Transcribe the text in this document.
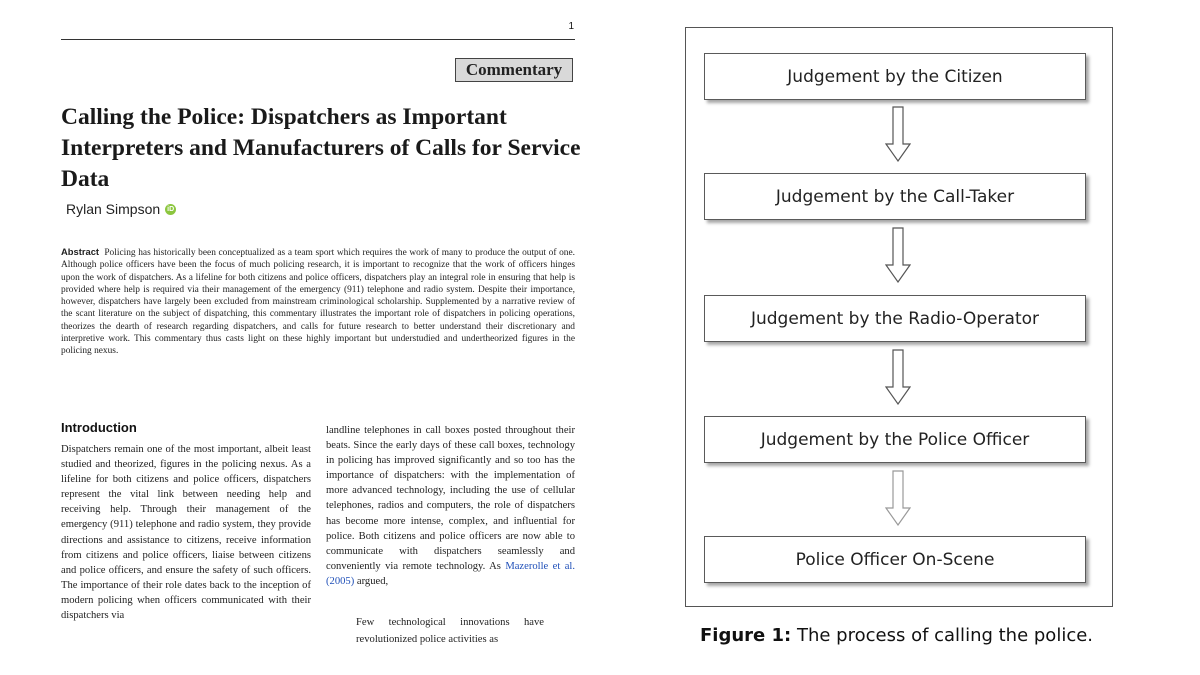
1
Commentary
Calling the Police: Dispatchers as Important Interpreters and Manufacturers of Calls for Service Data
Rylan Simpson iD

Abstract Policing has historically been conceptualized as a team sport which requires the work of many to produce the output of one. Although police officers have been the focus of much policing research, it is important to recognize that the work of officers hinges upon the work of dispatchers. As a lifeline for both citizens and police officers, dispatchers play an integral role in ensuring that help is provided where help is required via their management of the emergency (911) telephone and radio system. Despite their importance, however, dispatchers have largely been excluded from mainstream criminological scholarship. Supplemented by a narrative review of the scant literature on the subject of dispatching, this commentary illustrates the important role of dispatchers in policing operations, theorizes the dearth of research regarding dispatchers, and calls for future research to better understand their discretionary and interpretive work. This commentary thus casts light on these highly important but understudied and undertheorized figures in the policing nexus.

Introduction

Dispatchers remain one of the most important, albeit least studied and theorized, figures in the policing nexus. As a lifeline for both citizens and police officers, dispatchers represent the vital link between needing help and receiving help. Through their management of the emergency (911) telephone and radio system, they provide directions and assistance to citizens, receive information from citizens and police officers, liaise between citizens and police officers, and ensure the safety of such officers. The importance of their role dates back to the inception of modern policing when officers communicated with their dispatchers via

landline telephones in call boxes posted throughout their beats. Since the early days of these call boxes, technology in policing has improved significantly and so too has the importance of dispatchers: with the implementation of more advanced technology, including the use of cellular telephones, radios and computers, the role of dispatchers has become more intense, complex, and influential for police. Both citizens and police officers are now able to communicate with dispatchers seamlessly and conveniently via remote technology. As Mazerolle et al. (2005) argued,

Few technological innovations have revolutionized police activities as

Judgement by the Citizen
Judgement by the Call-Taker
Judgement by the Radio-Operator
Judgement by the Police Officer
Police Officer On-Scene
Figure 1: The process of calling the police.
